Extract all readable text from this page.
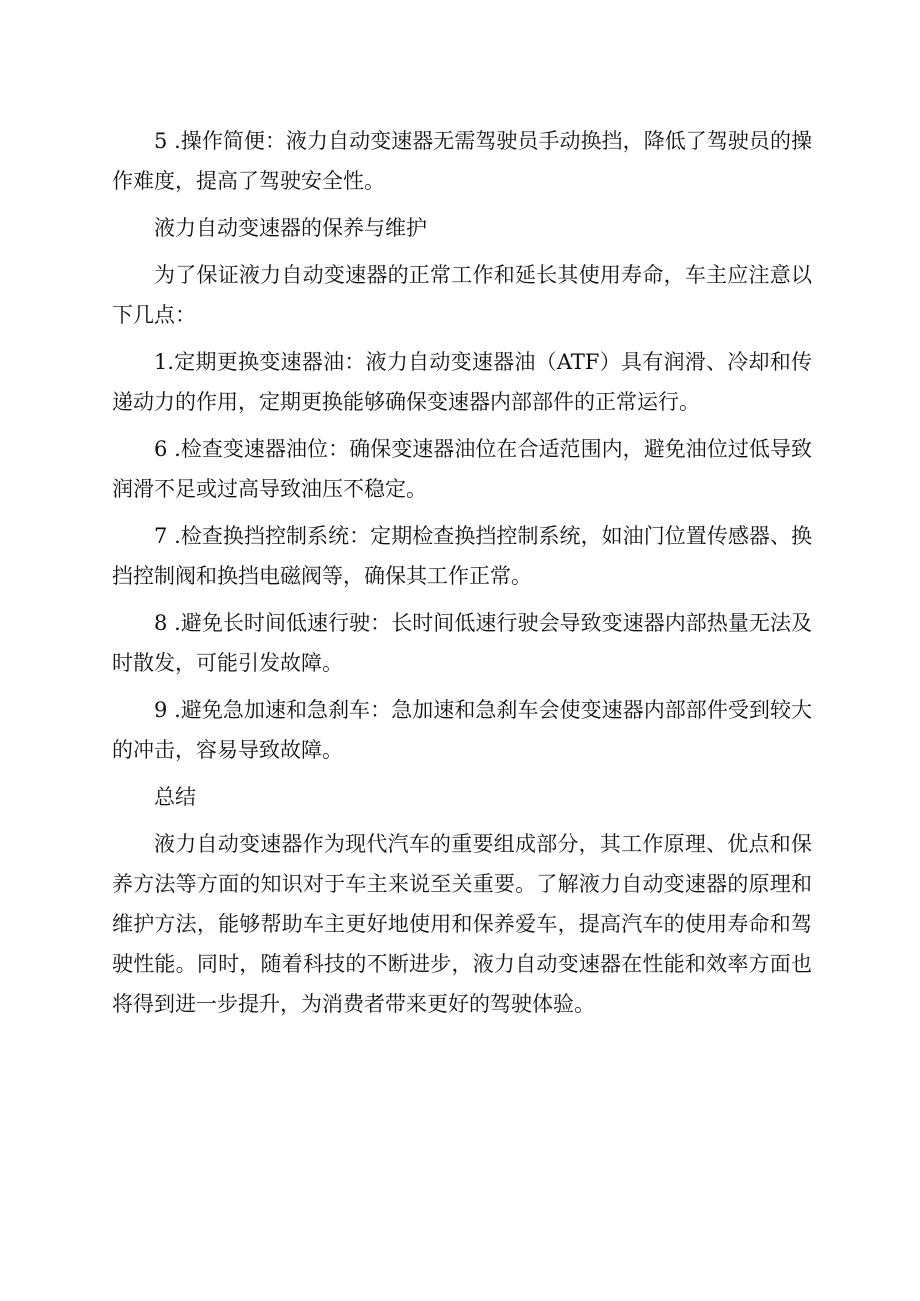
5 .操作简便：液力自动变速器无需驾驶员手动换挡，降低了驾驶员的操作难度，提高了驾驶安全性。

液力自动变速器的保养与维护

为了保证液力自动变速器的正常工作和延长其使用寿命，车主应注意以下几点：

1.定期更换变速器油：液力自动变速器油（ATF）具有润滑、冷却和传递动力的作用，定期更换能够确保变速器内部部件的正常运行。

6 .检查变速器油位：确保变速器油位在合适范围内，避免油位过低导致润滑不足或过高导致油压不稳定。

7 .检查换挡控制系统：定期检查换挡控制系统，如油门位置传感器、换挡控制阀和换挡电磁阀等，确保其工作正常。

8 .避免长时间低速行驶：长时间低速行驶会导致变速器内部热量无法及时散发，可能引发故障。

9 .避免急加速和急刹车：急加速和急刹车会使变速器内部部件受到较大的冲击，容易导致故障。

总结

液力自动变速器作为现代汽车的重要组成部分，其工作原理、优点和保养方法等方面的知识对于车主来说至关重要。了解液力自动变速器的原理和维护方法，能够帮助车主更好地使用和保养爱车，提高汽车的使用寿命和驾驶性能。同时，随着科技的不断进步，液力自动变速器在性能和效率方面也将得到进一步提升，为消费者带来更好的驾驶体验。
